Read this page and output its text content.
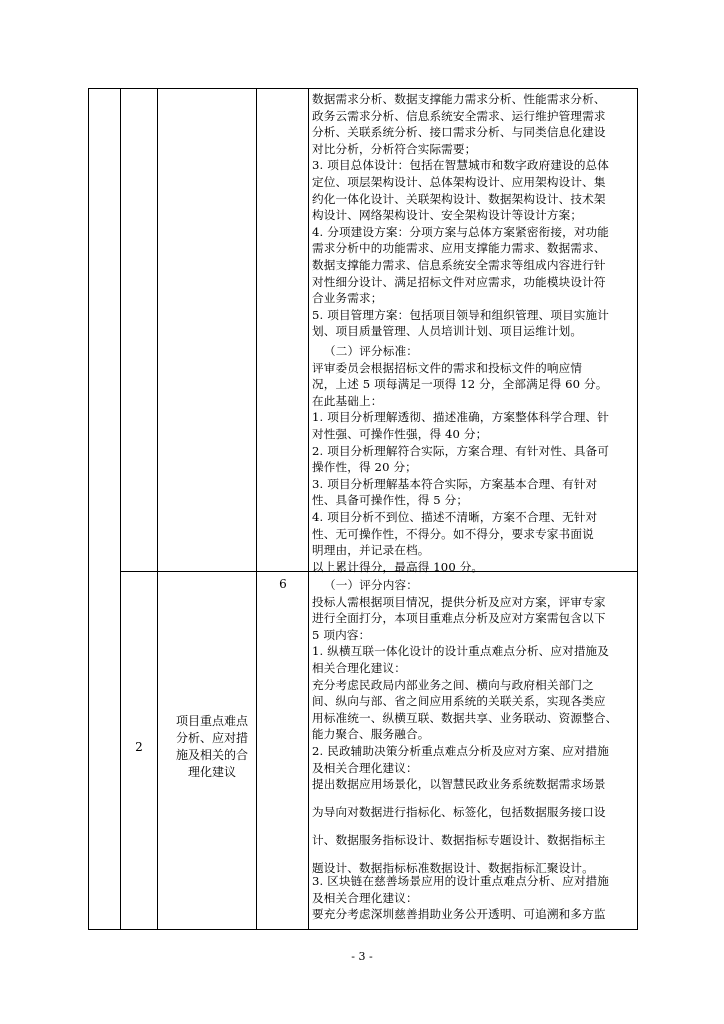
数据需求分析、数据支撑能力需求分析、性能需求分析、
政务云需求分析、信息系统安全需求、运行维护管理需求
分析、关联系统分析、接口需求分析、与同类信息化建设
对比分析，分析符合实际需要；
3. 项目总体设计：包括在智慧城市和数字政府建设的总体
定位、项层架构设计、总体架构设计、应用架构设计、集
约化一体化设计、关联架构设计、数据架构设计、技术架
构设计、网络架构设计、安全架构设计等设计方案；
4. 分项建设方案：分项方案与总体方案紧密衔接，对功能
需求分析中的功能需求、应用支撑能力需求、数据需求、
数据支撑能力需求、信息系统安全需求等组成内容进行针
对性细分设计、满足招标文件对应需求，功能模块设计符
合业务需求；
5. 项目管理方案：包括项目领导和组织管理、项目实施计
划、项目质量管理、人员培训计划、项目运维计划。
（二）评分标准：
评审委员会根据招标文件的需求和投标文件的响应情
况，上述 5 项每满足一项得 12 分，全部满足得 60 分。
在此基础上：
1. 项目分析理解透彻、描述准确，方案整体科学合理、针
对性强、可操作性强，得 40 分；
2. 项目分析理解符合实际，方案合理、有针对性、具备可
操作性，得 20 分；
3. 项目分析理解基本符合实际，方案基本合理、有针对
性、具备可操作性，得 5 分；
4. 项目分析不到位、描述不清晰，方案不合理、无针对
性、无可操作性，不得分。如不得分，要求专家书面说
明理由，并记录在档。
以上累计得分，最高得 100 分。
2
项目重点难点
分析、应对措
施及相关的合
理化建议
6	（一）评分内容：
投标人需根据项目情况，提供分析及应对方案，评审专家
进行全面打分，本项目重难点分析及应对方案需包含以下
5 项内容：
1. 纵横互联一体化设计的设计重点难点分析、应对措施及
相关合理化建议：
充分考虑民政局内部业务之间、横向与政府相关部门之
间、纵向与部、省之间应用系统的关联关系，实现各类应
用标准统一、纵横互联、数据共享、业务联动、资源整合、
能力聚合、服务融合。
2. 民政辅助决策分析重点难点分析及应对方案、应对措施
及相关合理化建议：
提出数据应用场景化，以智慧民政业务系统数据需求场景
为导向对数据进行指标化、标签化，包括数据服务接口设
计、数据服务指标设计、数据指标专题设计、数据指标主
题设计、数据指标标准数据设计、数据指标汇聚设计。
3. 区块链在慈善场景应用的设计重点难点分析、应对措施
及相关合理化建议：
要充分考虑深圳慈善捐助业务公开透明、可追溯和多方监
- 3 -
